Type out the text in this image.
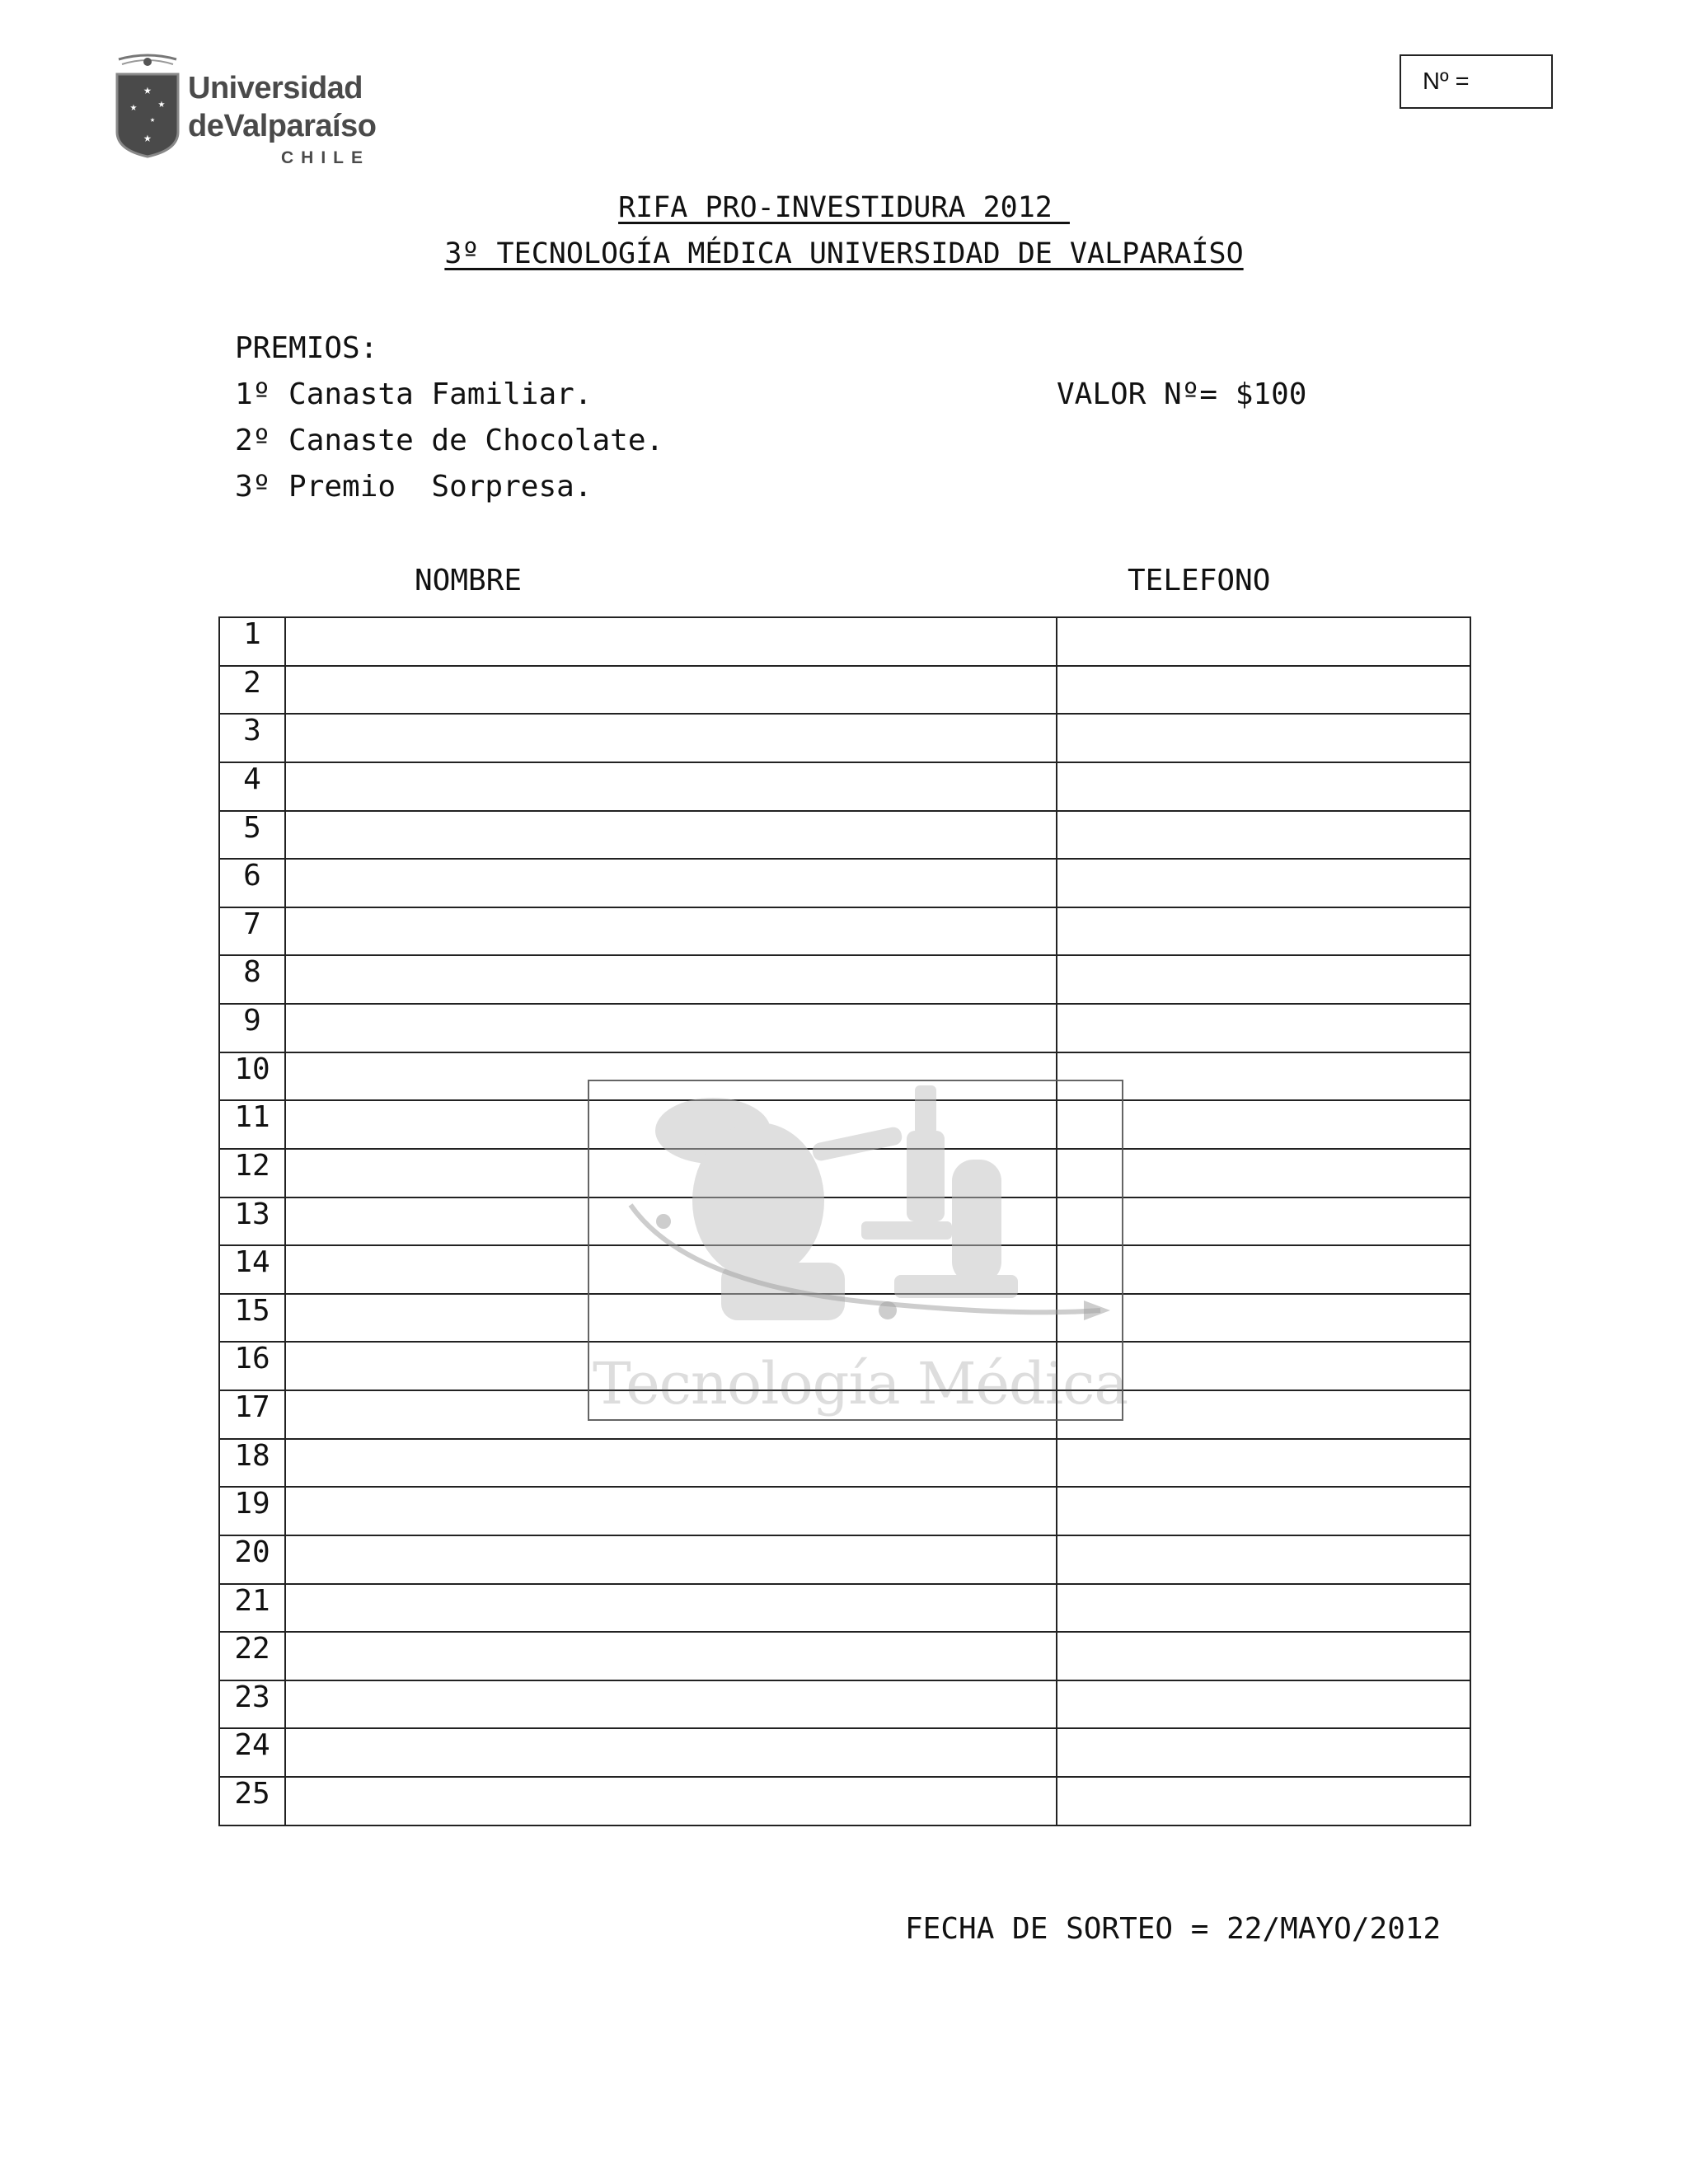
★
★ ★
★
★
Universidad
deValparaíso
CHILE
Nº =
RIFA PRO-INVESTIDURA 2012
3º TECNOLOGÍA MÉDICA UNIVERSIDAD DE VALPARAÍSO
PREMIOS:
1º Canasta Familiar.
2º Canaste de Chocolate.
3º Premio  Sorpresa.
VALOR Nº= $100
NOMBRE	TELEFONO
1
2
3
4
5
6
7
8
9
10
11
12
13
14
15
16
17
18
19
20
21
22
23
24
25
Tecnología Médica
FECHA DE SORTEO = 22/MAYO/2012
